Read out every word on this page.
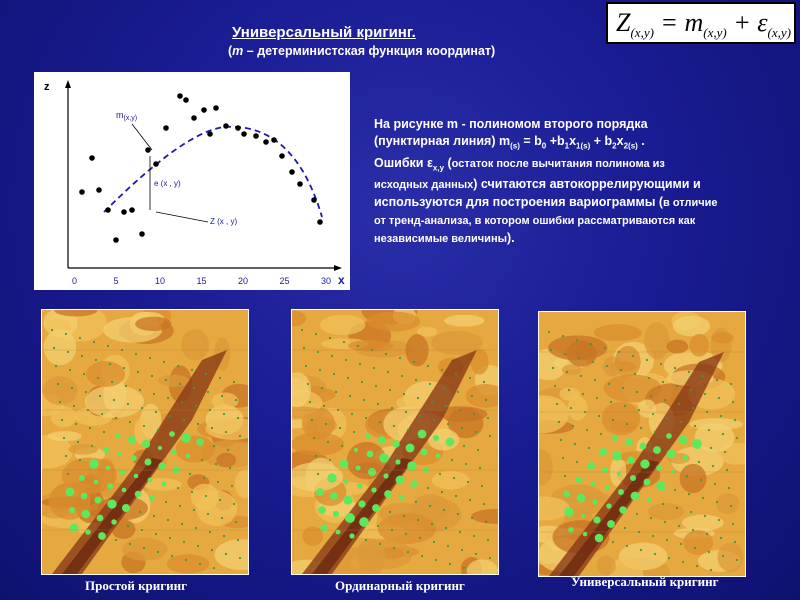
Универсальный кригинг.
(m – детерминистская функция координат)
$Z_{(x,y)} = m_{(x,y)} + \varepsilon_{(x,y)}$
z
x
0	5	10	15	20	25	30
$m_{(x,y)}$
e (x , y)
Z (x , y)
На рисунке m - полиномом второго порядка
(пунктирная линия) $m_{(s)} = b_0 +b_1x_{1(s)} + b_2x_{2(s)}$ .
Ошибки $\varepsilon_{x,y}$ (остаток после вычитания полинома из
исходных данных) считаются автокоррелирующими и
используются для построения вариограммы (в отличие
от тренд-анализа, в котором ошибки рассматриваются как
независимые величины).
Простой кригинг	Ординарный кригинг	Универсальный кригинг
